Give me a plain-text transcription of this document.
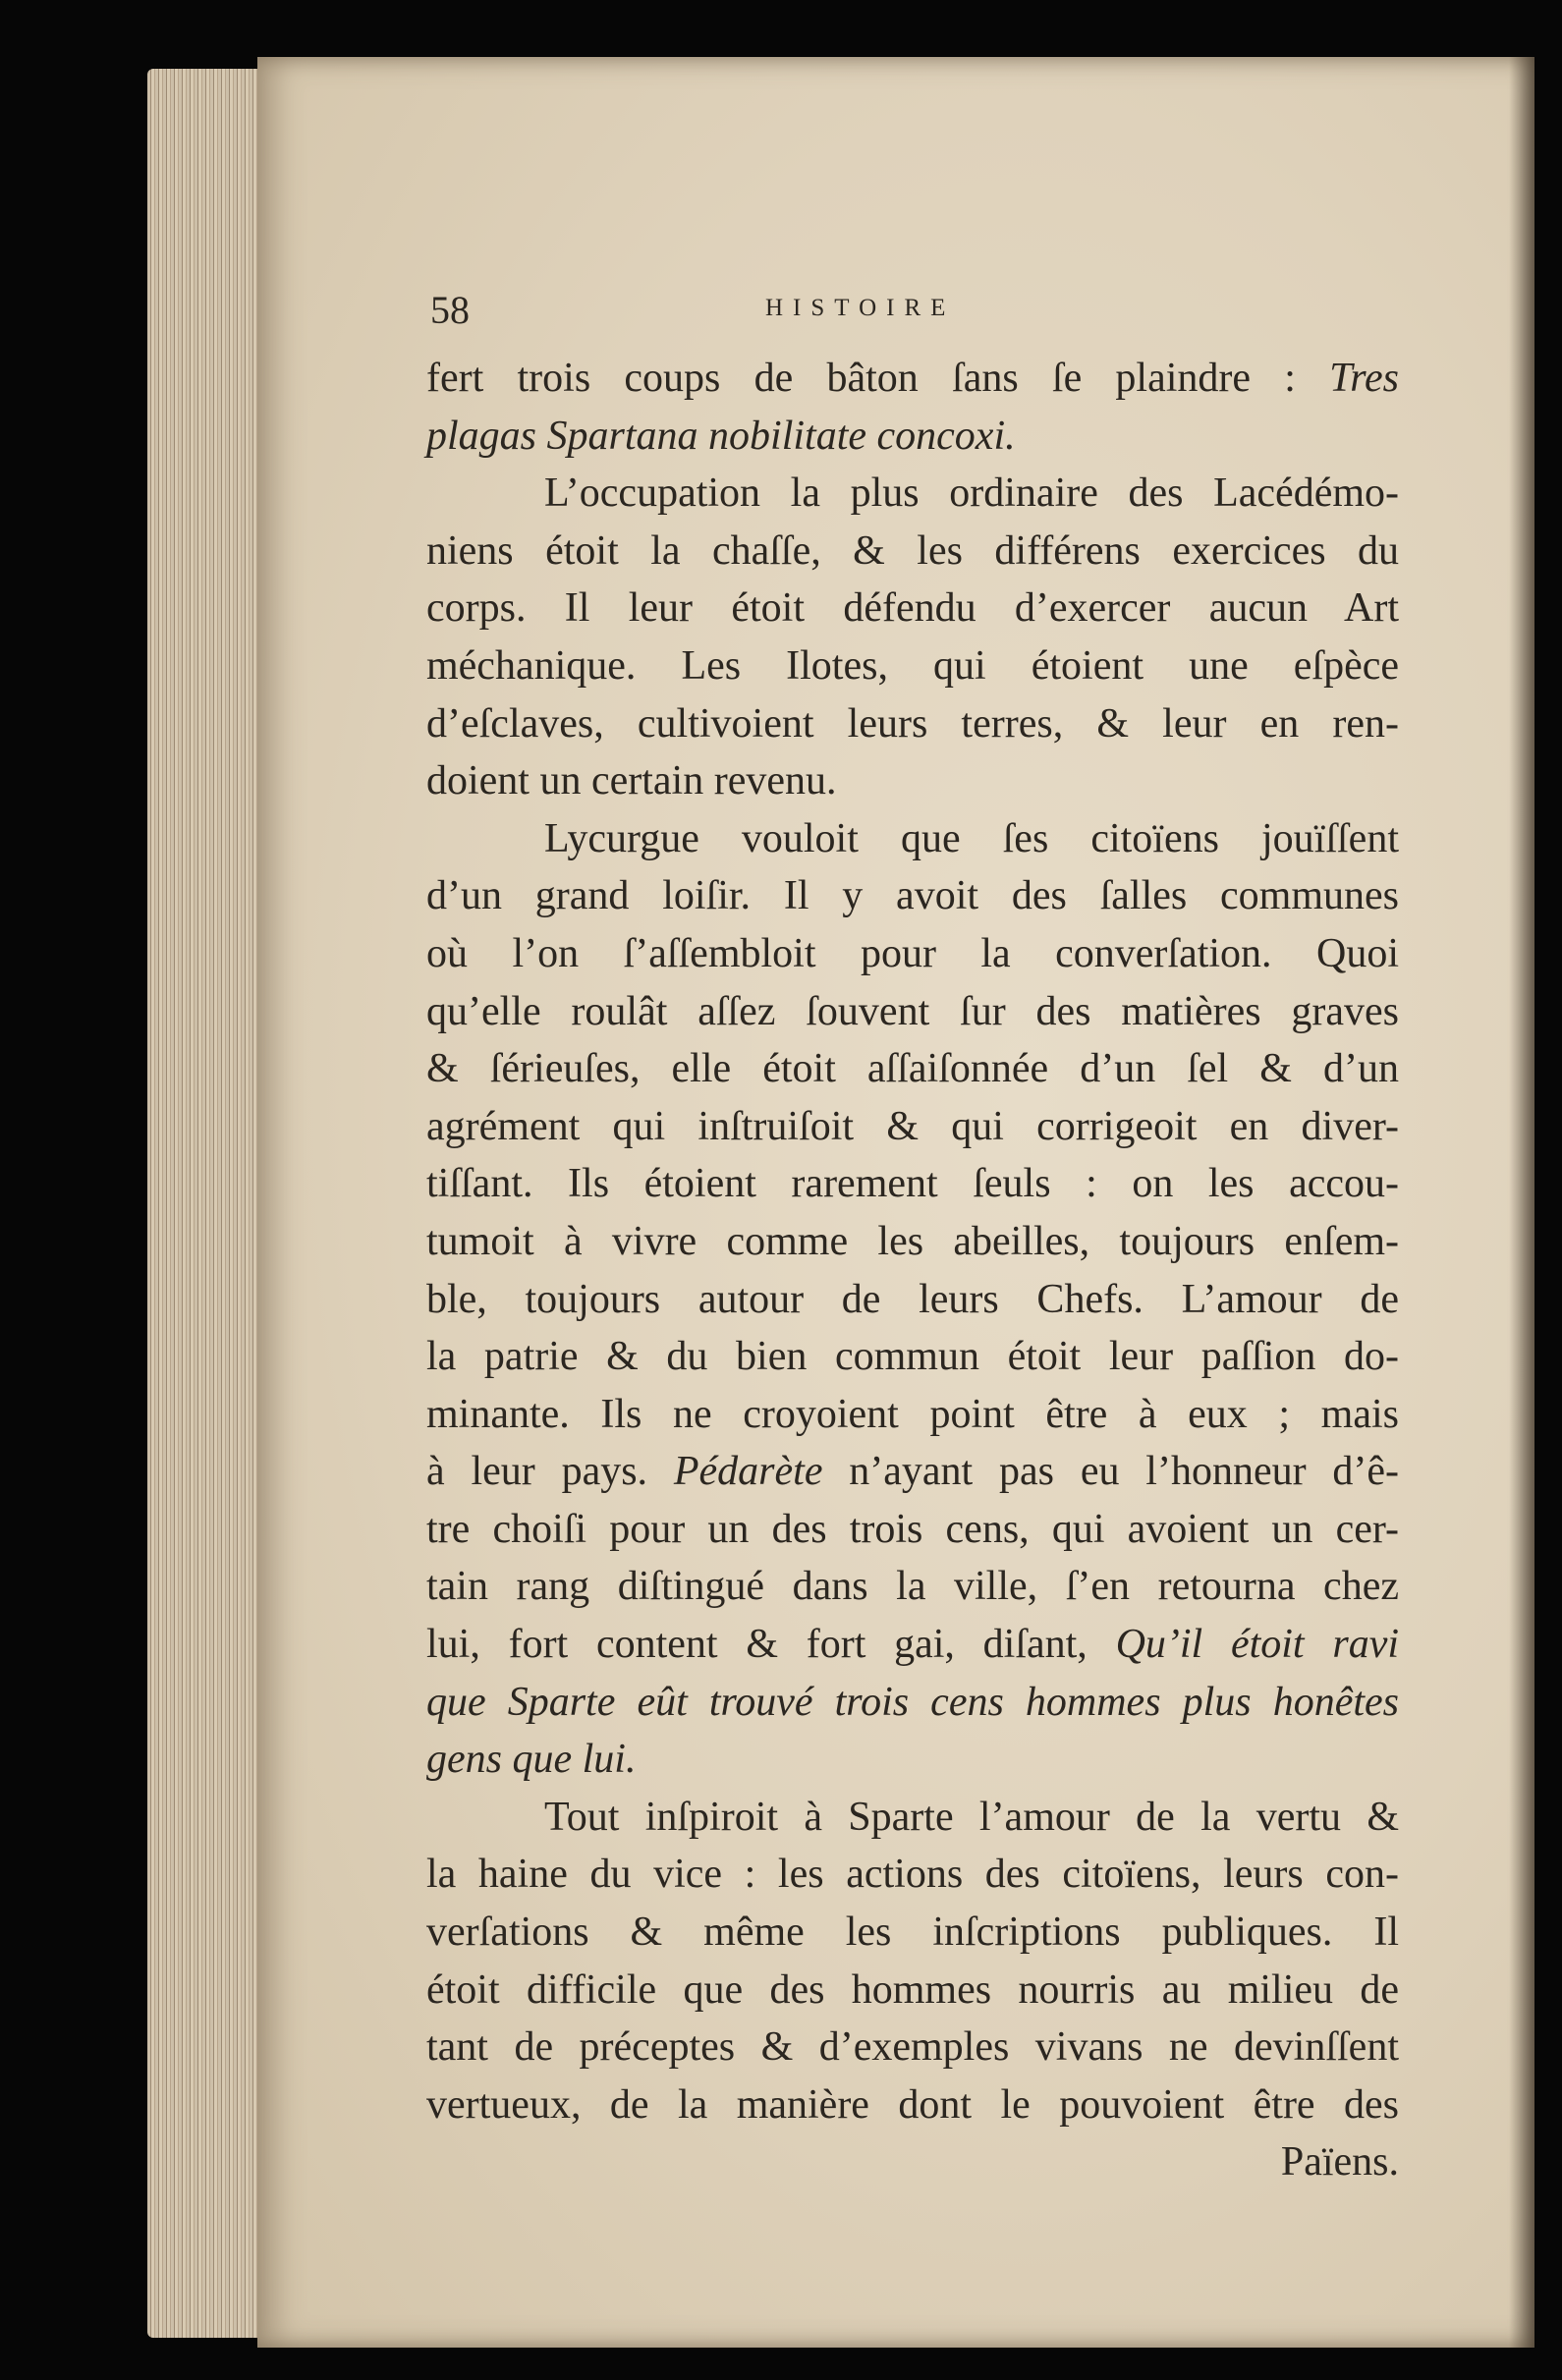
58	HISTOIRE
fert trois coups de bâton ſans ſe plaindre : Tres
plagas Spartana nobilitate concoxi.
L’occupation la plus ordinaire des Lacédémo-
niens étoit la chaſſe, & les différens exercices du
corps. Il leur étoit défendu d’exercer aucun Art
méchanique. Les Ilotes, qui étoient une eſpèce
d’eſclaves, cultivoient leurs terres, & leur en ren-
doient un certain revenu.
Lycurgue vouloit que ſes citoïens jouïſſent
d’un grand loiſir. Il y avoit des ſalles communes
où l’on ſ’aſſembloit pour la converſation. Quoi
qu’elle roulât aſſez ſouvent ſur des matières graves
& ſérieuſes, elle étoit aſſaiſonnée d’un ſel & d’un
agrément qui inſtruiſoit & qui corrigeoit en diver-
tiſſant. Ils étoient rarement ſeuls : on les accou-
tumoit à vivre comme les abeilles, toujours enſem-
ble, toujours autour de leurs Chefs. L’amour de
la patrie & du bien commun étoit leur paſſion do-
minante. Ils ne croyoient point être à eux ; mais
à leur pays. Pédarète n’ayant pas eu l’honneur d’ê-
tre choiſi pour un des trois cens, qui avoient un cer-
tain rang diſtingué dans la ville, ſ’en retourna chez
lui, fort content & fort gai, diſant, Qu’il étoit ravi
que Sparte eût trouvé trois cens hommes plus honêtes
gens que lui.
Tout inſpiroit à Sparte l’amour de la vertu &
la haine du vice : les actions des citoïens, leurs con-
verſations & même les inſcriptions publiques. Il
étoit difficile que des hommes nourris au milieu de
tant de préceptes & d’exemples vivans ne devinſſent
vertueux, de la manière dont le pouvoient être des
Païens.
